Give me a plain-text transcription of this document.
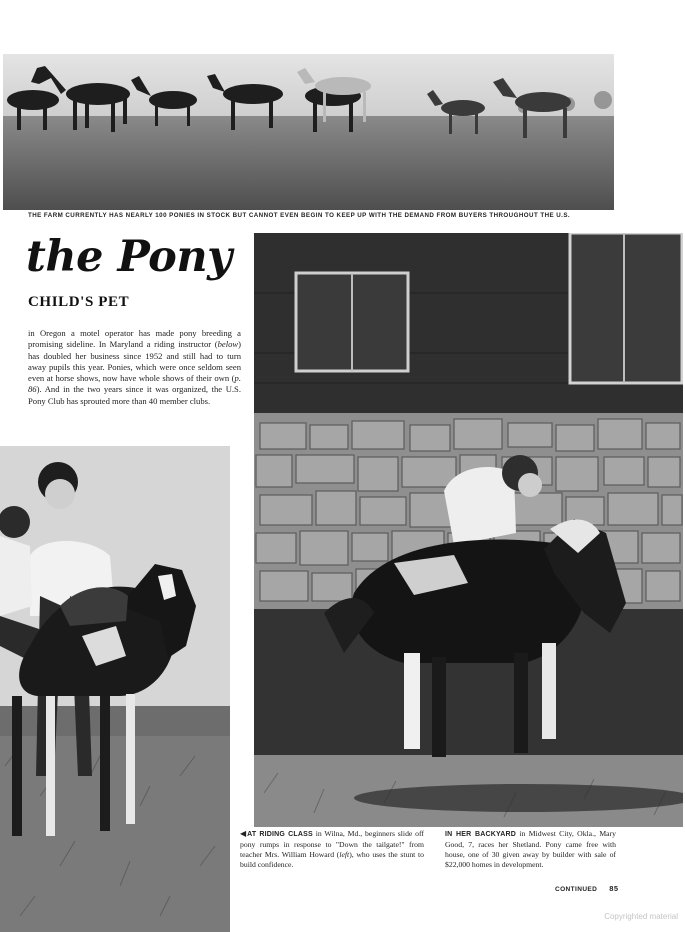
THE FARM CURRENTLY HAS NEARLY 100 PONIES IN STOCK BUT CANNOT EVEN BEGIN TO KEEP UP WITH THE DEMAND FROM BUYERS THROUGHOUT THE U.S.
the Pony
CHILD'S PET
in Oregon a motel operator has made pony breeding a promising sideline. In Maryland a riding instructor (below) has doubled her business since 1952 and still had to turn away pupils this year. Ponies, which were once seldom seen even at horse shows, now have whole shows of their own (p. 86). And in the two years since it was organized, the U.S. Pony Club has sprouted more than 40 member clubs.
◀AT RIDING CLASS in Wilna, Md., beginners slide off pony rumps in response to "Down the tailgate!" from teacher Mrs. William Howard (left), who uses the stunt to build confidence.
IN HER BACKYARD in Midwest City, Okla., Mary Good, 7, races her Shetland. Pony came free with house, one of 30 given away by builder with sale of $22,000 homes in development.
CONTINUED 85
Copyrighted material
